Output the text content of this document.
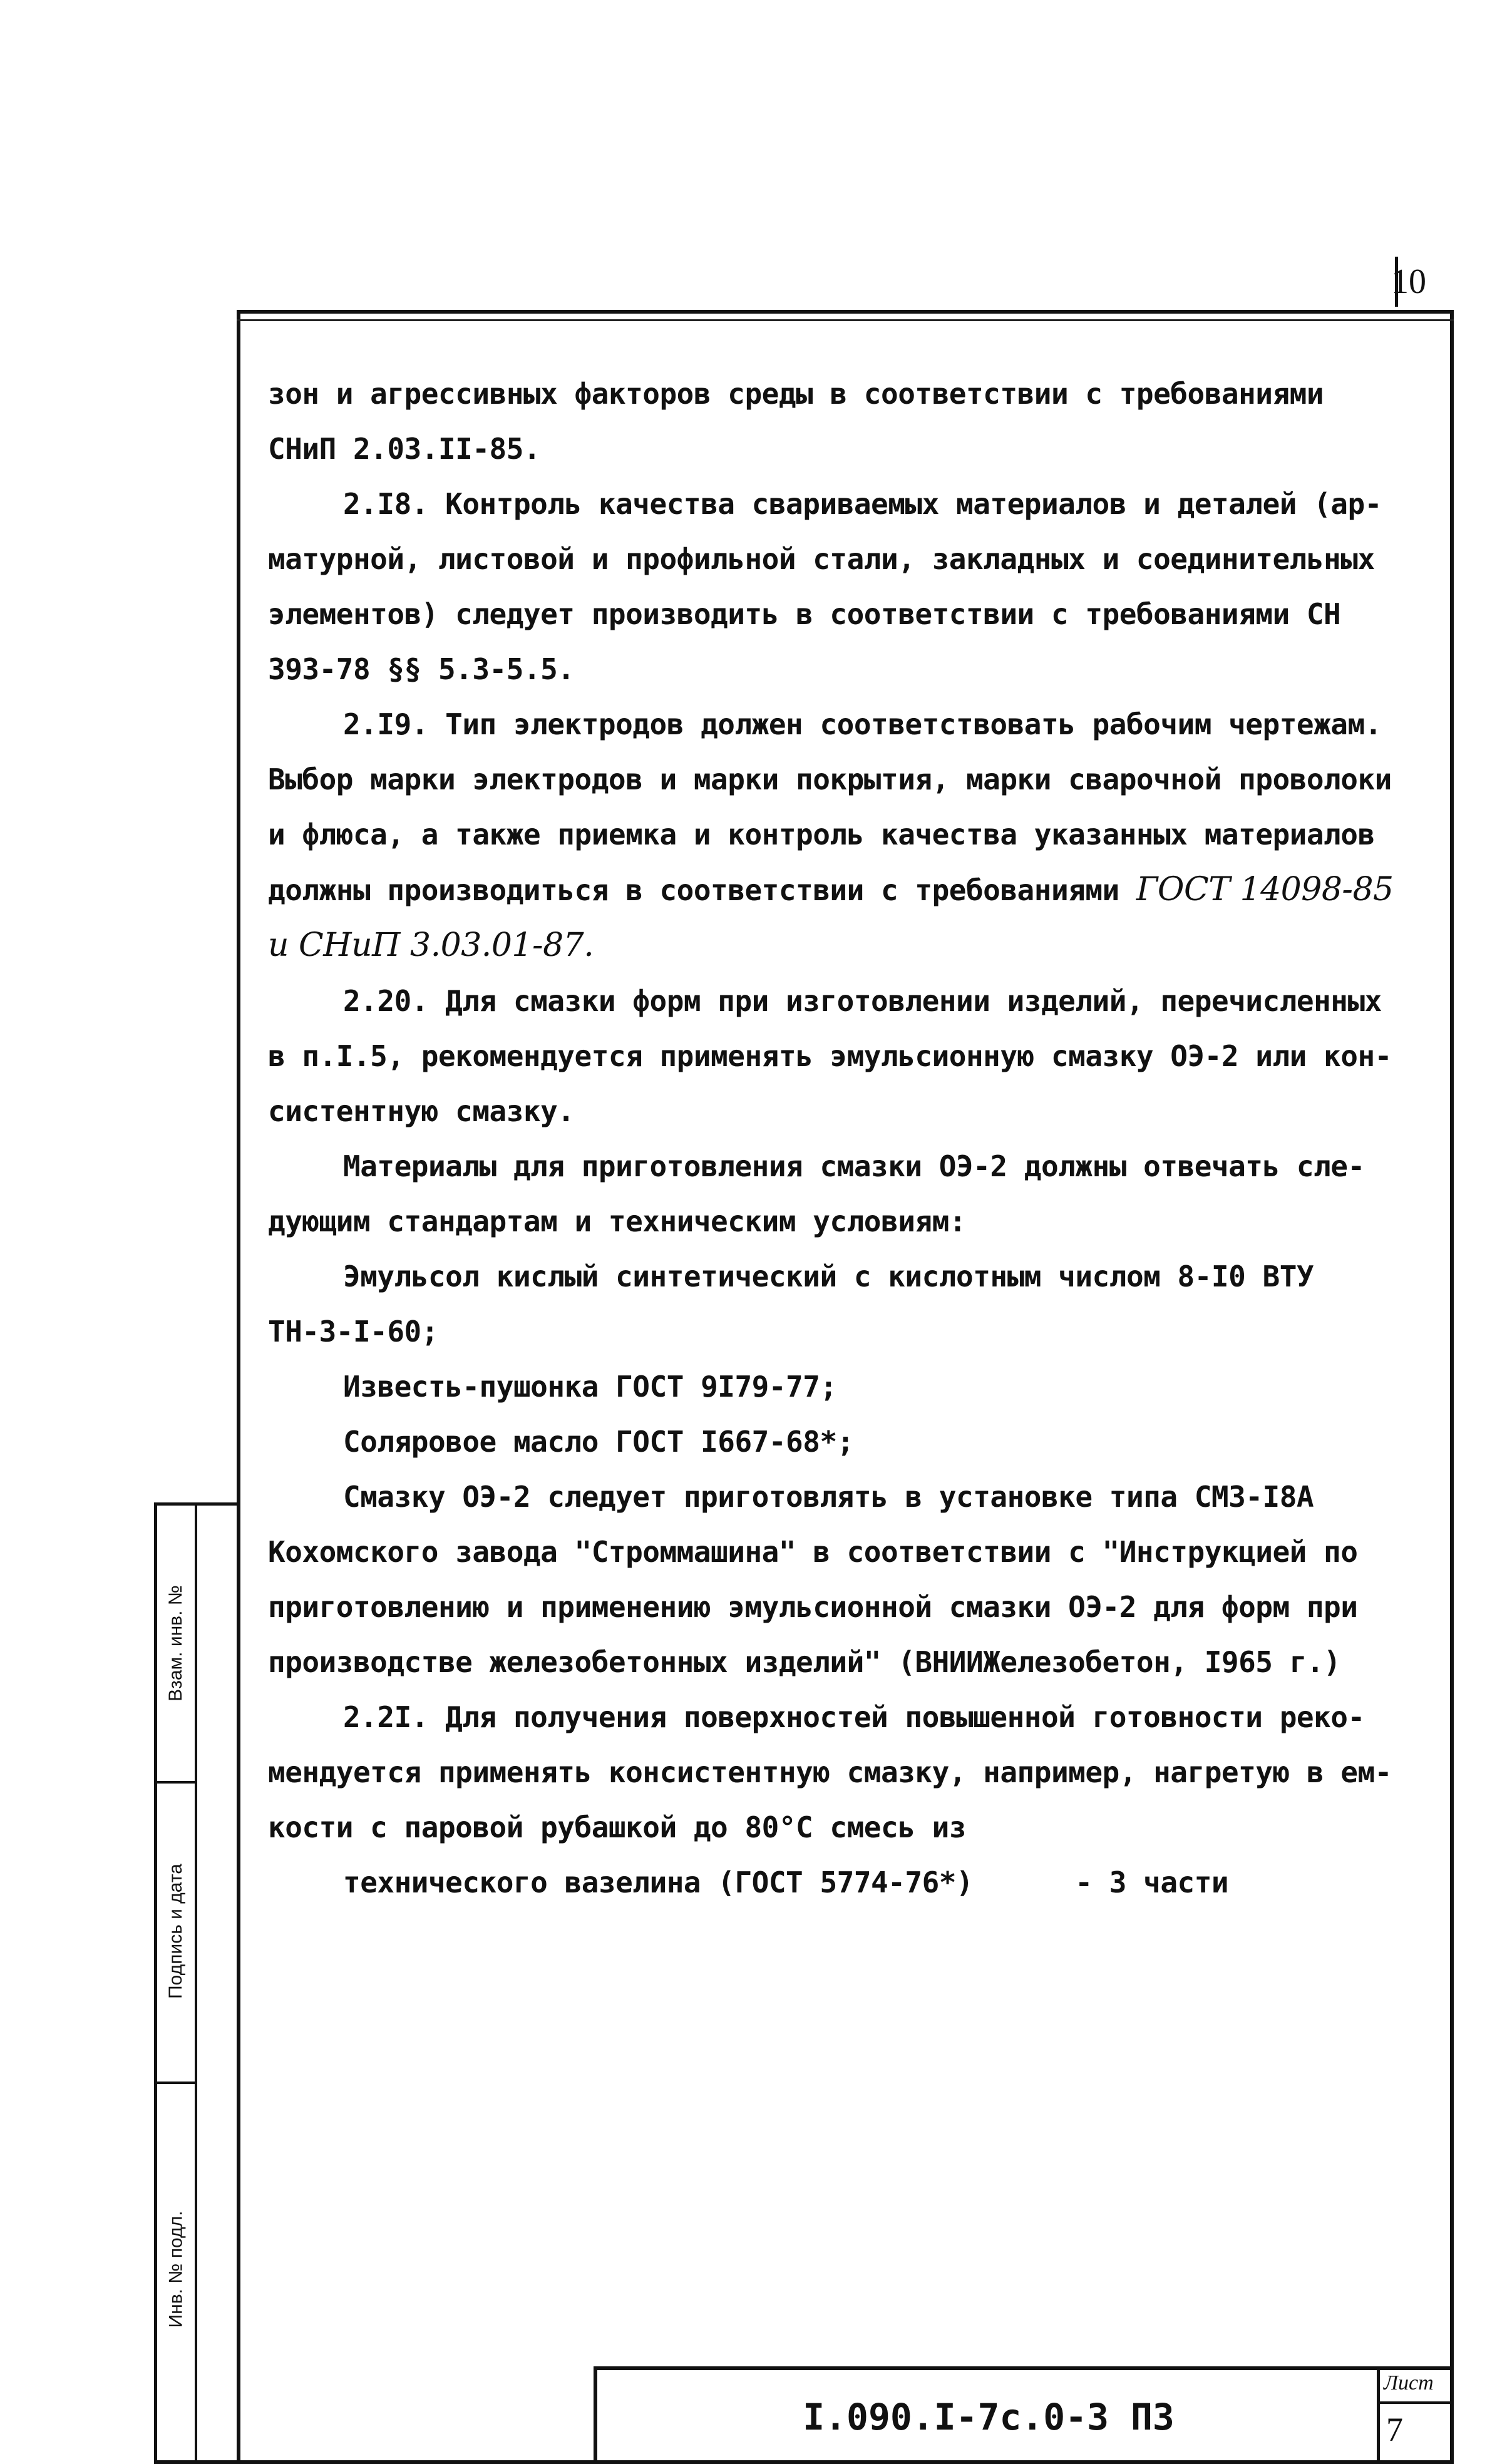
10

зон и агрессивных факторов среды в соответствии с требованиями

СНиП 2.03.II-85.

2.I8. Контроль качества свариваемых материалов и деталей (ар-

матурной, листовой и профильной стали, закладных и соединительных

элементов) следует производить в соответствии с требованиями СН

393-78 §§ 5.3-5.5.

2.I9. Тип электродов должен соответствовать рабочим чертежам.

Выбор марки электродов и марки покрытия, марки сварочной проволоки

и флюса, а также приемка и контроль качества указанных материалов

должны производиться в соответствии с требованиями ГОСТ 14098-85

и СНиП 3.03.01-87.

2.20. Для смазки форм при изготовлении изделий, перечисленных

в п.I.5, рекомендуется применять эмульсионную смазку ОЭ-2 или кон-

систентную смазку.

Материалы для приготовления смазки ОЭ-2 должны отвечать сле-

дующим стандартам и техническим условиям:

Эмульсол кислый синтетический с кислотным числом 8-I0 ВТУ

ТН-3-I-60;

Известь-пушонка ГОСТ 9I79-77;

Соляровое масло ГОСТ I667-68*;

Смазку ОЭ-2 следует приготовлять в установке типа СМЗ-I8А

Кохомского завода "Строммашина" в соответствии с "Инструкцией по

приготовлению и применению эмульсионной смазки ОЭ-2 для форм при

производстве железобетонных изделий" (ВНИИЖелезобетон, I965 г.)

2.2I. Для получения поверхностей повышенной готовности реко-

мендуется применять консистентную смазку, например, нагретую в ем-

кости с паровой рубашкой до 80°С смесь из

технического вазелина (ГОСТ 5774-76*)      - 3 части

Взам. инв. №
Подпись и дата
Инв. № подл.
I.090.I-7с.0-3 ПЗ
Лист
7
